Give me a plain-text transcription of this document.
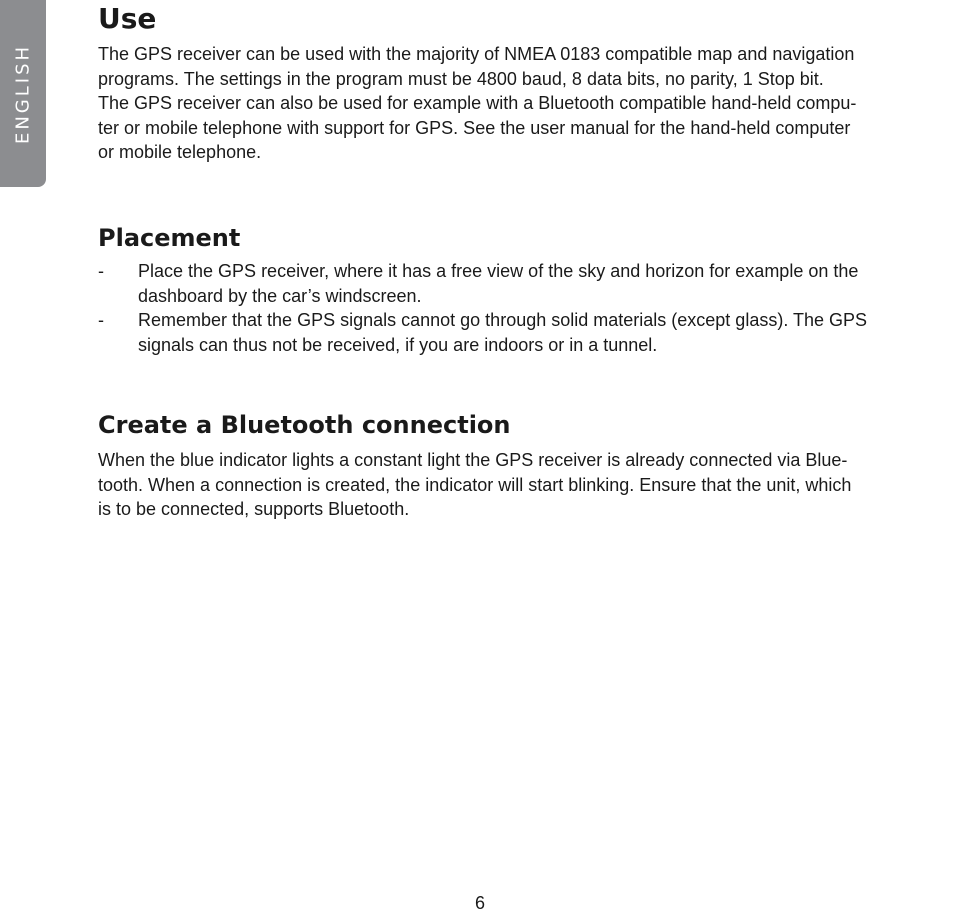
ENGLISH
Use

The GPS receiver can be used with the majority of NMEA 0183 compatible map and navigation
programs. The settings in the program must be 4800 baud, 8 data bits, no parity, 1 Stop bit.
The GPS receiver can also be used for example with a Bluetooth compatible hand-held compu-
ter or mobile telephone with support for GPS. See the user manual for the hand-held computer
or mobile telephone.

Placement
- Place the GPS receiver, where it has a free view of the sky and horizon for example on the
dashboard by the car’s windscreen.
- Remember that the GPS signals cannot go through solid materials (except glass). The GPS
signals can thus not be received, if you are indoors or in a tunnel.
Create a Bluetooth connection

When the blue indicator lights a constant light the GPS receiver is already connected via Blue-
tooth. When a connection is created, the indicator will start blinking. Ensure that the unit, which
is to be connected, supports Bluetooth.

6
